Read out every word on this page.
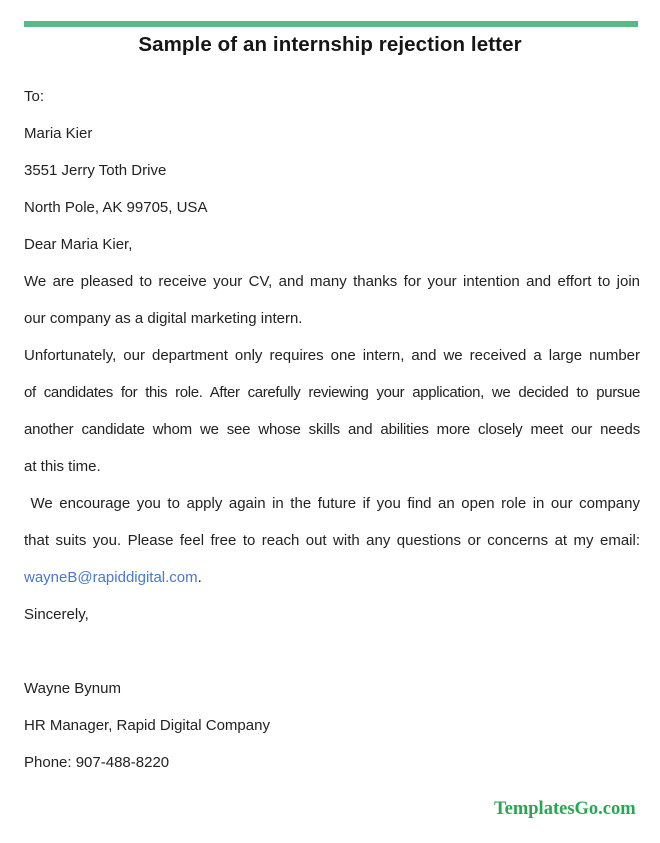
Sample of an internship rejection letter
To:
Maria Kier
3551 Jerry Toth Drive
North Pole, AK 99705, USA
Dear Maria Kier,
We are pleased to receive your CV, and many thanks for your intention and effort to join
our company as a digital marketing intern.
Unfortunately, our department only requires one intern, and we received a large number
of candidates for this role. After carefully reviewing your application, we decided to pursue
another candidate whom we see whose skills and abilities more closely meet our needs
at this time.
We encourage you to apply again in the future if you find an open role in our company
that suits you. Please feel free to reach out with any questions or concerns at my email:
wayneB@rapiddigital.com.
Sincerely,
Wayne Bynum
HR Manager, Rapid Digital Company
Phone: 907-488-8220
TemplatesGo.com
